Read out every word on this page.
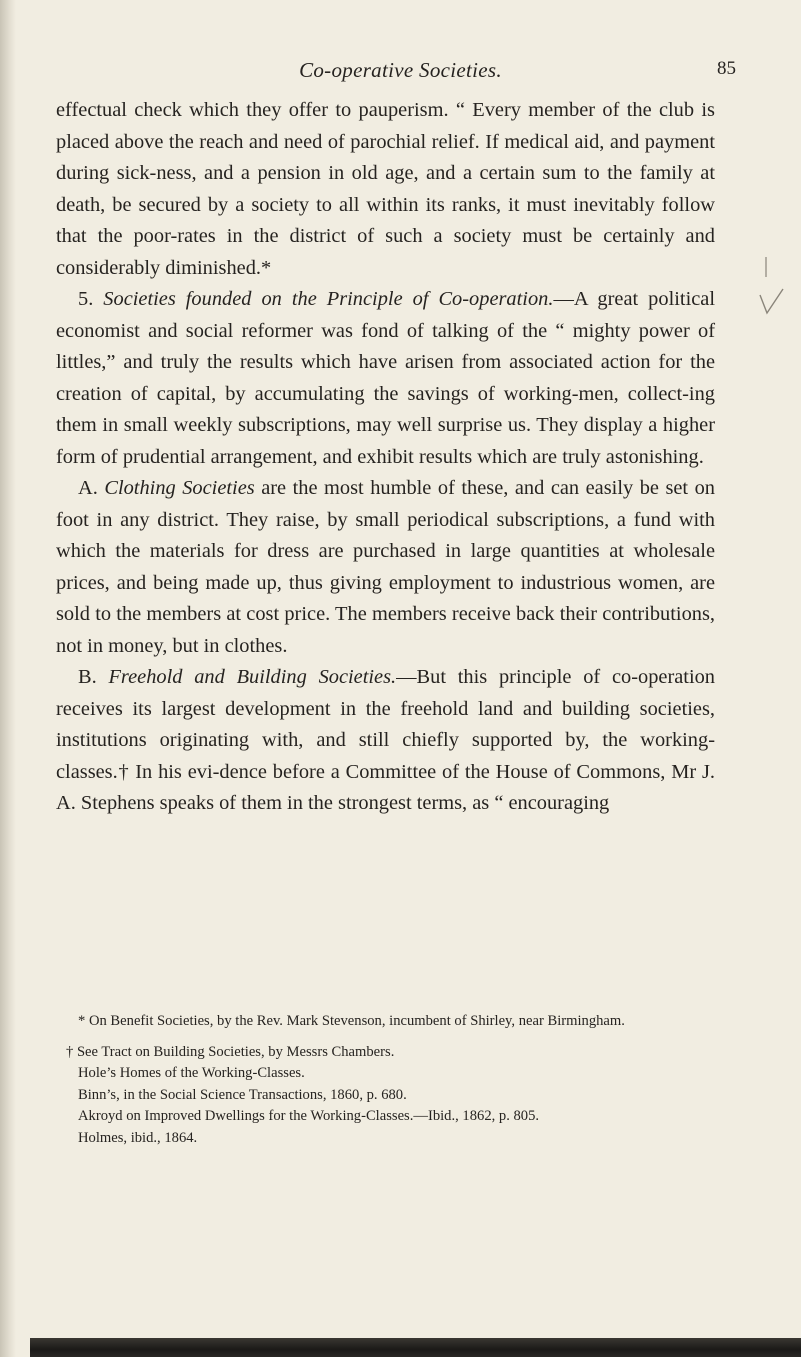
Co-operative Societies.	85

effectual check which they offer to pauperism. “ Every member of the club is placed above the reach and need of parochial relief. If medical aid, and payment during sick-ness, and a pension in old age, and a certain sum to the family at death, be secured by a society to all within its ranks, it must inevitably follow that the poor-rates in the district of such a society must be certainly and considerably diminished.*

5. Societies founded on the Principle of Co-operation.—A great political economist and social reformer was fond of talking of the “ mighty power of littles,” and truly the results which have arisen from associated action for the creation of capital, by accumulating the savings of working-men, collect-ing them in small weekly subscriptions, may well surprise us. They display a higher form of prudential arrangement, and exhibit results which are truly astonishing.

A. Clothing Societies are the most humble of these, and can easily be set on foot in any district. They raise, by small periodical subscriptions, a fund with which the materials for dress are purchased in large quantities at wholesale prices, and being made up, thus giving employment to industrious women, are sold to the members at cost price. The members receive back their contributions, not in money, but in clothes.

B. Freehold and Building Societies.—But this principle of co-operation receives its largest development in the freehold land and building societies, institutions originating with, and still chiefly supported by, the working-classes.† In his evi-dence before a Committee of the House of Commons, Mr J. A. Stephens speaks of them in the strongest terms, as “ encouraging

* On Benefit Societies, by the Rev. Mark Stevenson, incumbent of Shirley, near Birmingham.

† See Tract on Building Societies, by Messrs Chambers.

Hole’s Homes of the Working-Classes.

Binn’s, in the Social Science Transactions, 1860, p. 680.

Akroyd on Improved Dwellings for the Working-Classes.—Ibid., 1862, p. 805.

Holmes, ibid., 1864.
